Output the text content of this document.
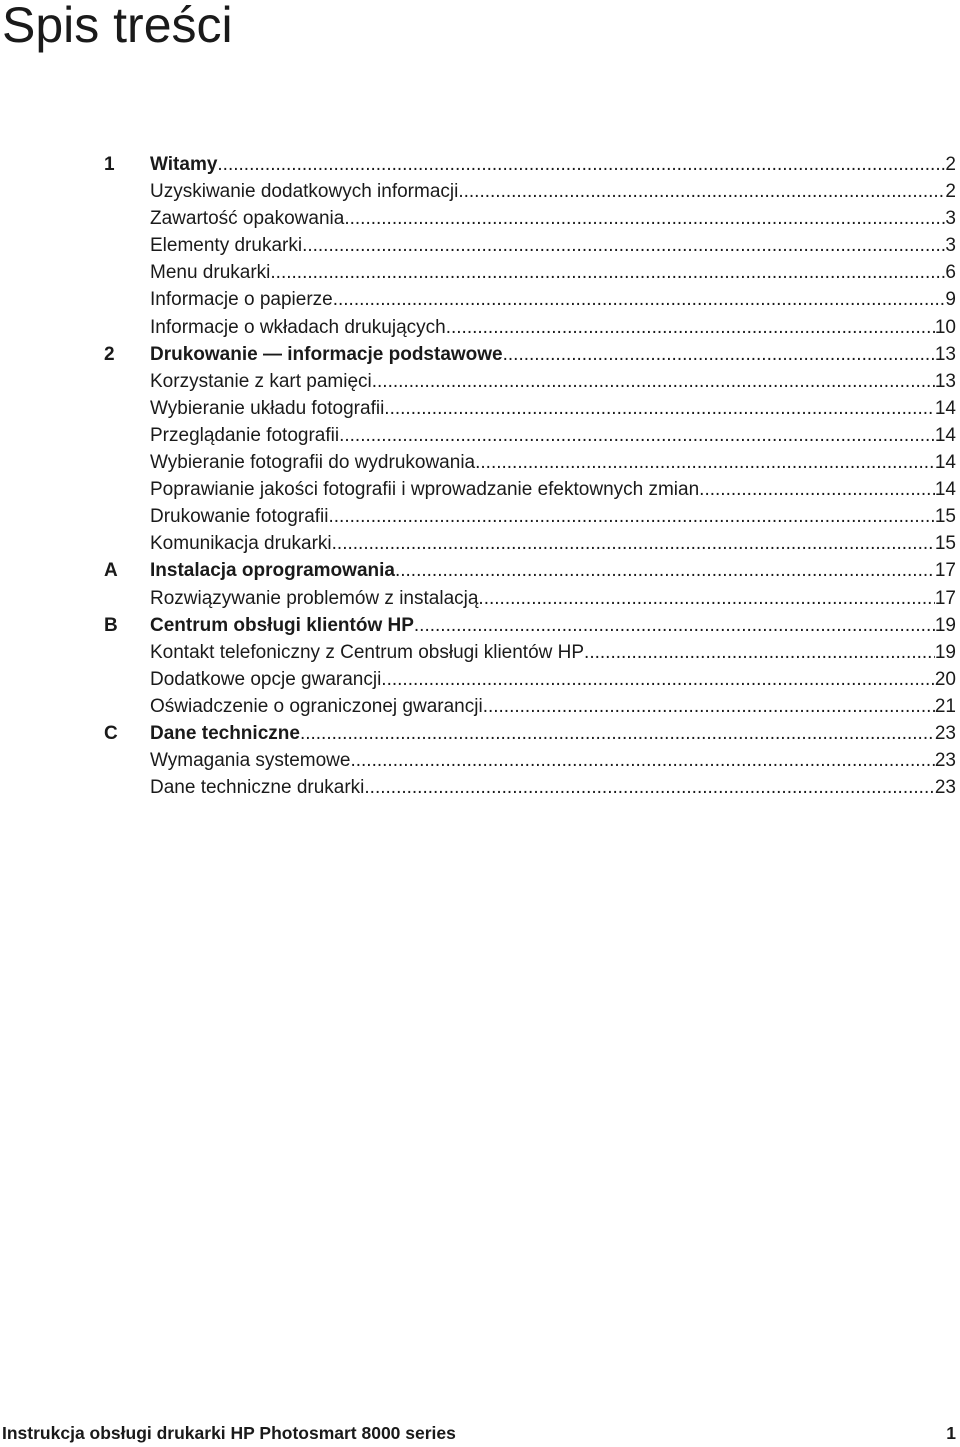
Spis treści
1	Witamy .....	2
Uzyskiwanie dodatkowych informacji .....	2
Zawartość opakowania .....	3
Elementy drukarki .....	3
Menu drukarki .....	6
Informacje o papierze .....	9
Informacje o wkładach drukujących .....	10
2	Drukowanie — informacje podstawowe .....	13
Korzystanie z kart pamięci .....	13
Wybieranie układu fotografii .....	14
Przeglądanie fotografii .....	14
Wybieranie fotografii do wydrukowania .....	14
Poprawianie jakości fotografii i wprowadzanie efektownych zmian .....	14
Drukowanie fotografii .....	15
Komunikacja drukarki .....	15
A	Instalacja oprogramowania .....	17
Rozwiązywanie problemów z instalacją .....	17
B	Centrum obsługi klientów HP .....	19
Kontakt telefoniczny z Centrum obsługi klientów HP .....	19
Dodatkowe opcje gwarancji .....	20
Oświadczenie o ograniczonej gwarancji .....	21
C	Dane techniczne .....	23
Wymagania systemowe .....	23
Dane techniczne drukarki .....	23
Instrukcja obsługi drukarki HP Photosmart 8000 series	1
